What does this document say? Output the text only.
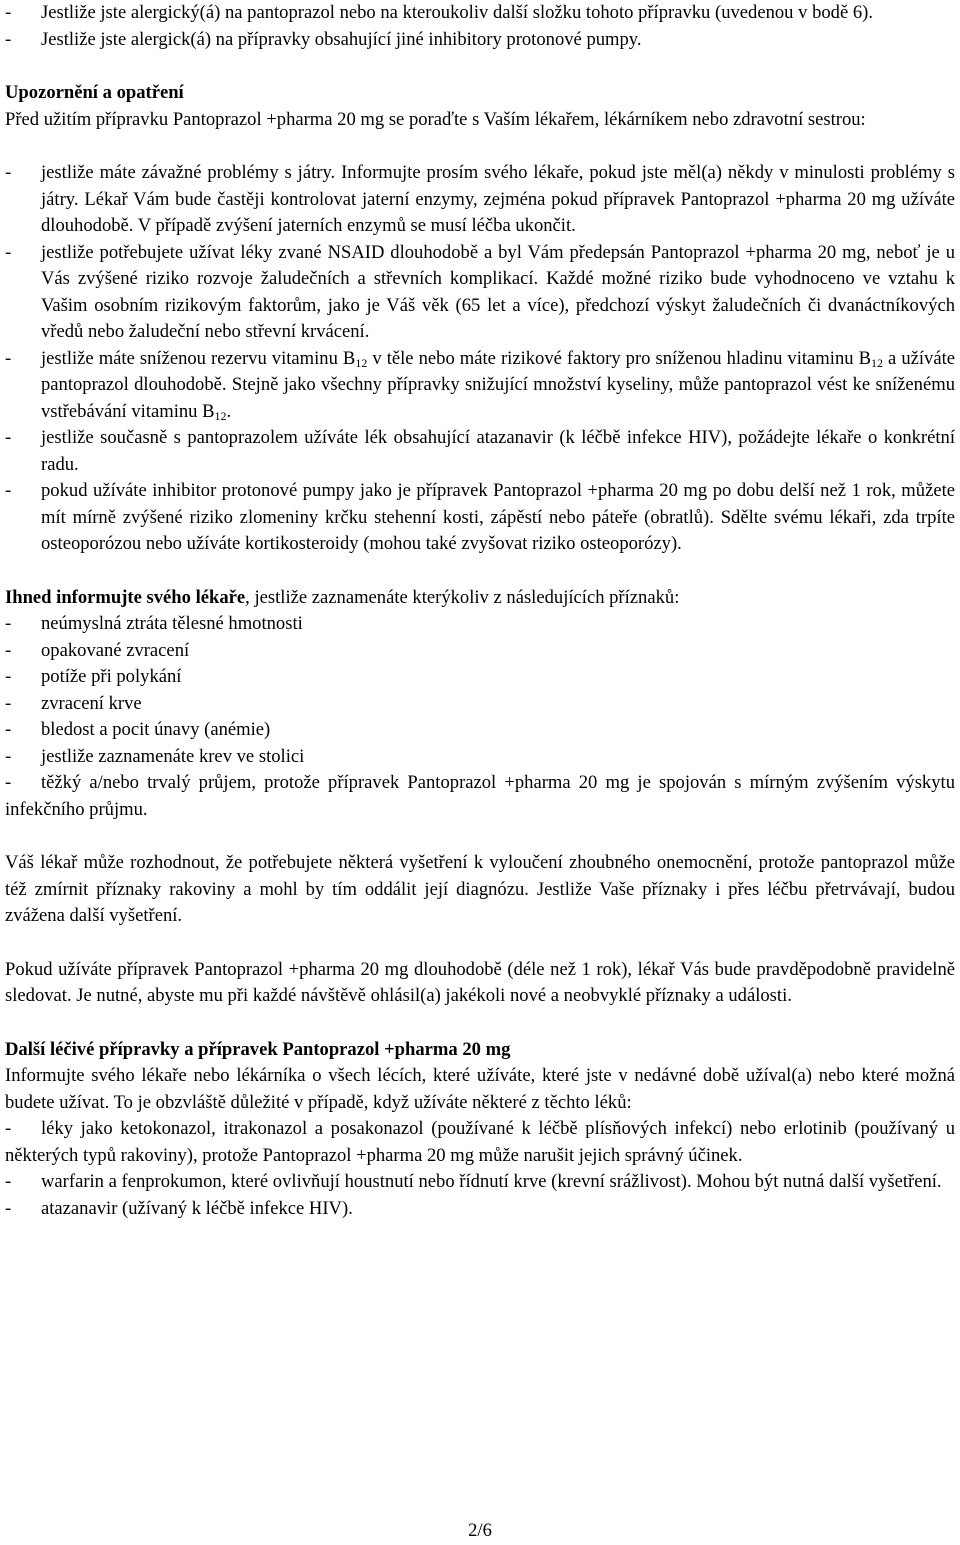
- Jestliže jste alergický(á) na pantoprazol nebo na kteroukoliv další složku tohoto přípravku (uvedenou v bodě 6).
- Jestliže jste alergick(á) na přípravky obsahující jiné inhibitory protonové pumpy.

Upozornění a opatření

Před užitím přípravku Pantoprazol +pharma 20 mg se poraďte s Vaším lékařem, lékárníkem nebo zdravotní sestrou:

- jestliže máte závažné problémy s játry. Informujte prosím svého lékaře, pokud jste měl(a) někdy v minulosti problémy s játry. Lékař Vám bude častěji kontrolovat jaterní enzymy, zejména pokud přípravek Pantoprazol +pharma 20 mg užíváte dlouhodobě. V případě zvýšení jaterních enzymů se musí léčba ukončit.
- jestliže potřebujete užívat léky zvané NSAID dlouhodobě a byl Vám předepsán Pantoprazol +pharma 20 mg, neboť je u Vás zvýšené riziko rozvoje žaludečních a střevních komplikací. Každé možné riziko bude vyhodnoceno ve vztahu k Vašim osobním rizikovým faktorům, jako je Váš věk (65 let a více), předchozí výskyt žaludečních či dvanáctníkových vředů nebo žaludeční nebo střevní krvácení.
- jestliže máte sníženou rezervu vitaminu $B_{12}$ v těle nebo máte rizikové faktory pro sníženou hladinu vitaminu $B_{12}$ a užíváte pantoprazol dlouhodobě. Stejně jako všechny přípravky snižující množství kyseliny, může pantoprazol vést ke sníženému vstřebávání vitaminu $B_{12}$.
- jestliže současně s pantoprazolem užíváte lék obsahující atazanavir (k léčbě infekce HIV), požádejte lékaře o konkrétní radu.
- pokud užíváte inhibitor protonové pumpy jako je přípravek Pantoprazol +pharma 20 mg po dobu delší než 1 rok, můžete mít mírně zvýšené riziko zlomeniny krčku stehenní kosti, zápěstí nebo páteře (obratlů). Sdělte svému lékaři, zda trpíte osteoporózou nebo užíváte kortikosteroidy (mohou také zvyšovat riziko osteoporózy).

Ihned informujte svého lékaře, jestliže zaznamenáte kterýkoliv z následujících příznaků:

- neúmyslná ztráta tělesné hmotnosti
- opakované zvracení
- potíže při polykání
- zvracení krve
- bledost a pocit únavy (anémie)
- jestliže zaznamenáte krev ve stolici

- těžký a/nebo trvalý průjem, protože přípravek Pantoprazol +pharma 20 mg je spojován s mírným zvýšením výskytu infekčního průjmu.

Váš lékař může rozhodnout, že potřebujete některá vyšetření k vyloučení zhoubného onemocnění, protože pantoprazol může též zmírnit příznaky rakoviny a mohl by tím oddálit její diagnózu. Jestliže Vaše příznaky i přes léčbu přetrvávají, budou zvážena další vyšetření.

Pokud užíváte přípravek Pantoprazol +pharma 20 mg dlouhodobě (déle než 1 rok), lékař Vás bude pravděpodobně pravidelně sledovat. Je nutné, abyste mu při každé návštěvě ohlásil(a) jakékoli nové a neobvyklé příznaky a události.

Další léčivé přípravky a přípravek Pantoprazol +pharma 20 mg

Informujte svého lékaře nebo lékárníka o všech lécích, které užíváte, které jste v nedávné době užíval(a) nebo které možná budete užívat. To je obzvláště důležité v případě, když užíváte některé z těchto léků:

- léky jako ketokonazol, itrakonazol a posakonazol (používané k léčbě plísňových infekcí) nebo erlotinib (používaný u některých typů rakoviny), protože Pantoprazol +pharma 20 mg může narušit jejich správný účinek.

- warfarin a fenprokumon, které ovlivňují houstnutí nebo řídnutí krve (krevní srážlivost). Mohou být nutná další vyšetření.

- atazanavir (užívaný k léčbě infekce HIV).

2/6
